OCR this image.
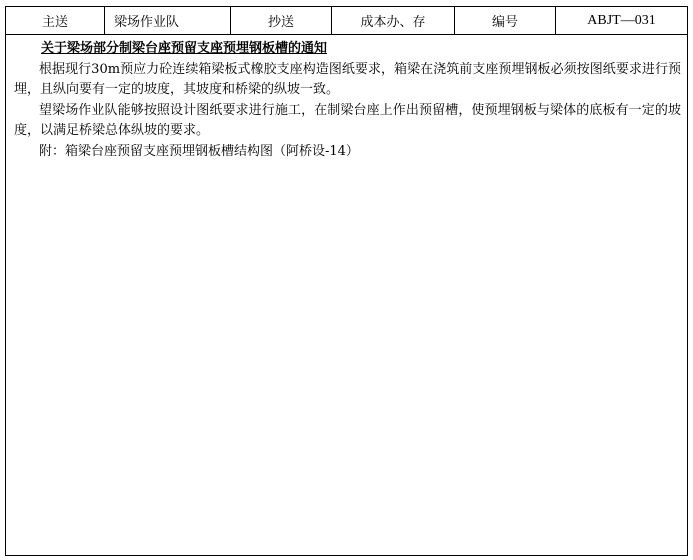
主送	梁场作业队	抄送	成本办、存	编号	ABJT—031
关于梁场部分制梁台座预留支座预埋钢板槽的通知

根据现行30m预应力砼连续箱梁板式橡胶支座构造图纸要求，箱梁在浇筑前支座预埋钢板必须按图纸要求进行预埋，且纵向要有一定的坡度，其坡度和桥梁的纵坡一致。

望梁场作业队能够按照设计图纸要求进行施工，在制梁台座上作出预留槽，使预埋钢板与梁体的底板有一定的坡度，以满足桥梁总体纵坡的要求。

附：箱梁台座预留支座预埋钢板槽结构图（阿桥设-14）
